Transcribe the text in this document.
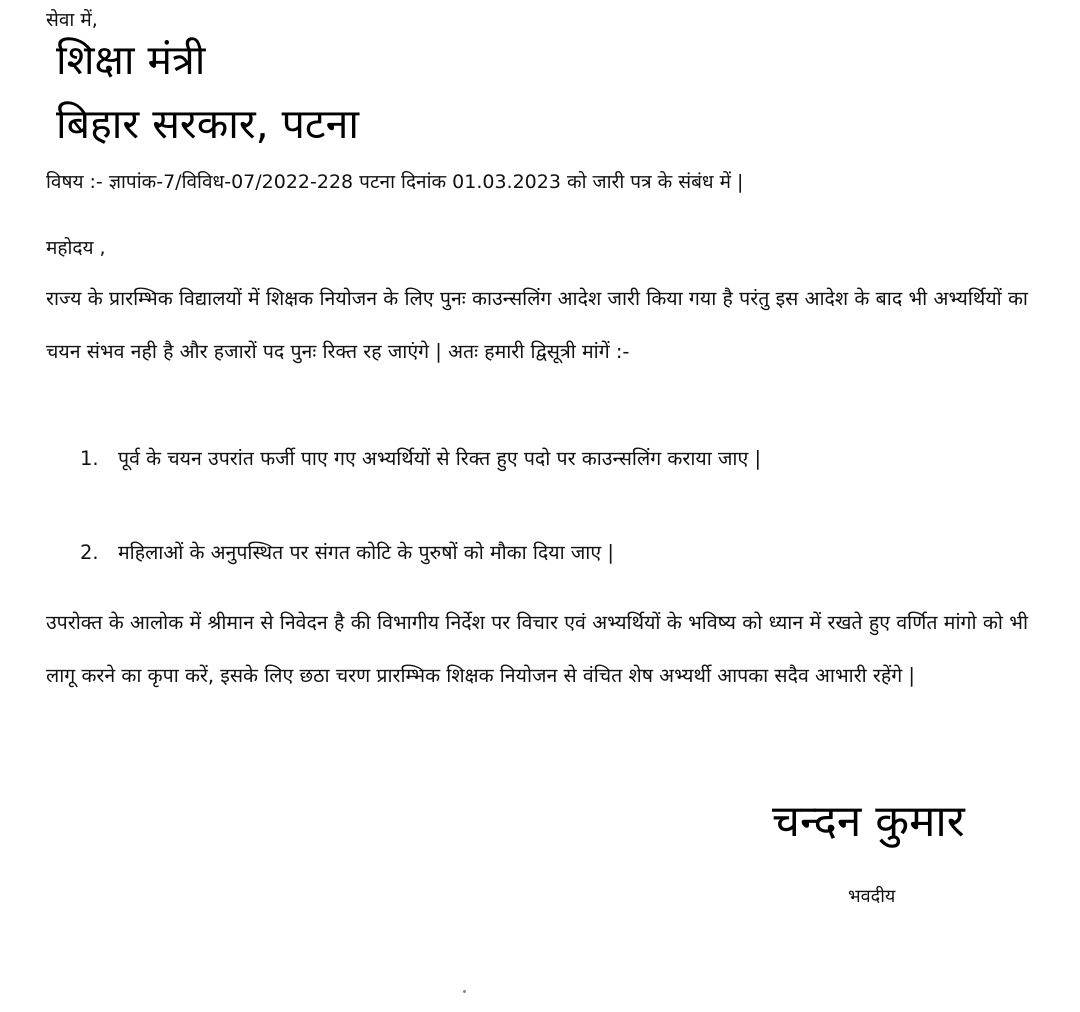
सेवा में,
शिक्षा मंत्री
बिहार सरकार, पटना
विषय :- ज्ञापांक-7/विविध-07/2022-228 पटना दिनांक 01.03.2023 को जारी पत्र के संबंध में |
महोदय ,
राज्य के प्रारम्भिक विद्यालयों में शिक्षक नियोजन के लिए पुनः काउन्सलिंग आदेश जारी किया गया है परंतु इस आदेश के बाद भी अभ्यर्थियों का चयन संभव नही है और हजारों पद पुनः रिक्त रह जाएंगे | अतः हमारी द्विसूत्री मांगें :-
1. पूर्व के चयन उपरांत फर्जी पाए गए अभ्यर्थियों से रिक्त हुए पदो पर काउन्सलिंग कराया जाए |
2. महिलाओं के अनुपस्थित पर संगत कोटि के पुरुषों को मौका दिया जाए |
उपरोक्त के आलोक में श्रीमान से निवेदन है की विभागीय निर्देश पर विचार एवं अभ्यर्थियों के भविष्य को ध्यान में रखते हुए वर्णित मांगो को भी लागू करने का कृपा करें, इसके लिए छठा चरण प्रारम्भिक शिक्षक नियोजन से वंचित शेष अभ्यर्थी आपका सदैव आभारी रहेंगे |
चन्दन कुमार
भवदीय
